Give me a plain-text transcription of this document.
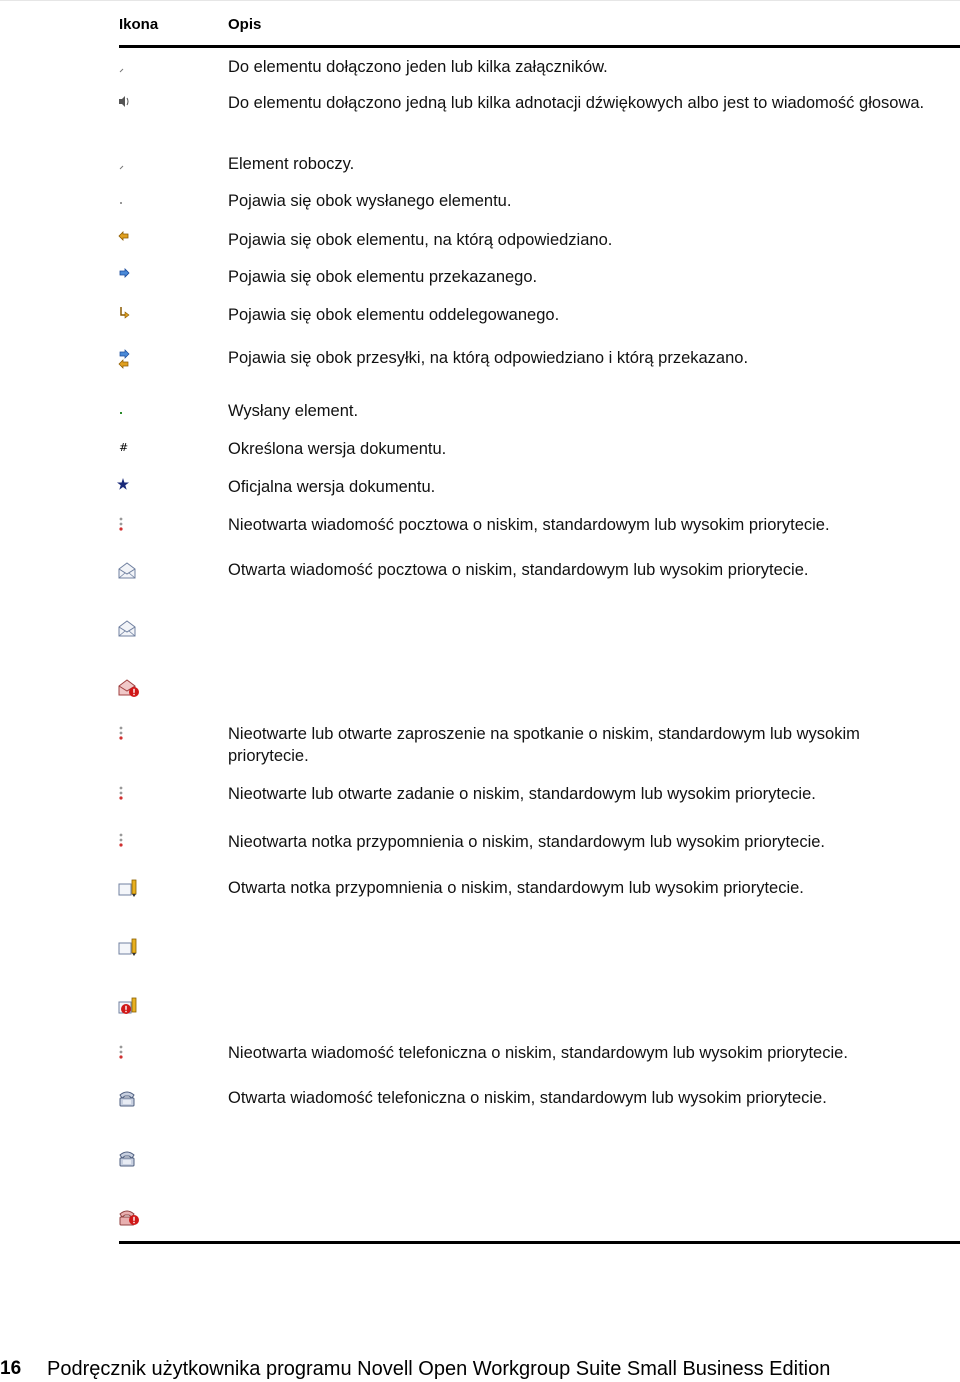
Ikona	Opis
Do elementu dołączono jeden lub kilka załączników.
Do elementu dołączono jedną lub kilka adnotacji dźwiękowych albo jest to wiadomość głosowa.
Element roboczy.
Pojawia się obok wysłanego elementu.
Pojawia się obok elementu, na którą odpowiedziano.
Pojawia się obok elementu przekazanego.
Pojawia się obok elementu oddelegowanego.
Pojawia się obok przesyłki, na którą odpowiedziano i którą przekazano.
Wysłany element.
#	Określona wersja dokumentu.
Oficjalna wersja dokumentu.
Nieotwarta wiadomość pocztowa o niskim, standardowym lub wysokim priorytecie.
Otwarta wiadomość pocztowa o niskim, standardowym lub wysokim priorytecie.
Nieotwarte lub otwarte zaproszenie na spotkanie o niskim, standardowym lub wysokim priorytecie.
Nieotwarte lub otwarte zadanie o niskim, standardowym lub wysokim priorytecie.
Nieotwarta notka przypomnienia o niskim, standardowym lub wysokim priorytecie.
Otwarta notka przypomnienia o niskim, standardowym lub wysokim priorytecie.
Nieotwarta wiadomość telefoniczna o niskim, standardowym lub wysokim priorytecie.
Otwarta wiadomość telefoniczna o niskim, standardowym lub wysokim priorytecie.
16 Podręcznik użytkownika programu Novell Open Workgroup Suite Small Business Edition
